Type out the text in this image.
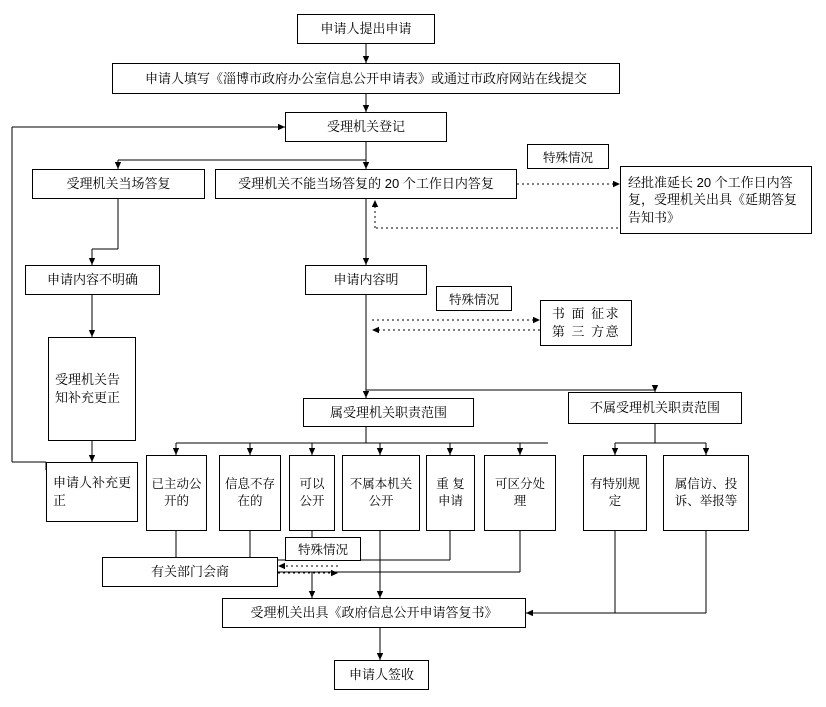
申请人提出申请
申请人填写《淄博市政府办公室信息公开申请表》或通过市政府网站在线提交
受理机关登记
受理机关当场答复	受理机关不能当场答复的 20 个工作日内答复	经批准延长 20 个工作日内答复，受理机关出具《延期答复告知书》
申请内容不明确	申请内容明
书 面 征求 第 三 方意
受理机关告知补充更正
申请人补充更正
属受理机关职责范围	不属受理机关职责范围
已主动公开的
信息不存在的
可以公开
不属本机关公开
重 复申请
可区分处理
有特别规定
属信访、投诉、举报等
有关部门会商
受理机关出具《政府信息公开申请答复书》
申请人签收
特殊情况
特殊情况
特殊情况
